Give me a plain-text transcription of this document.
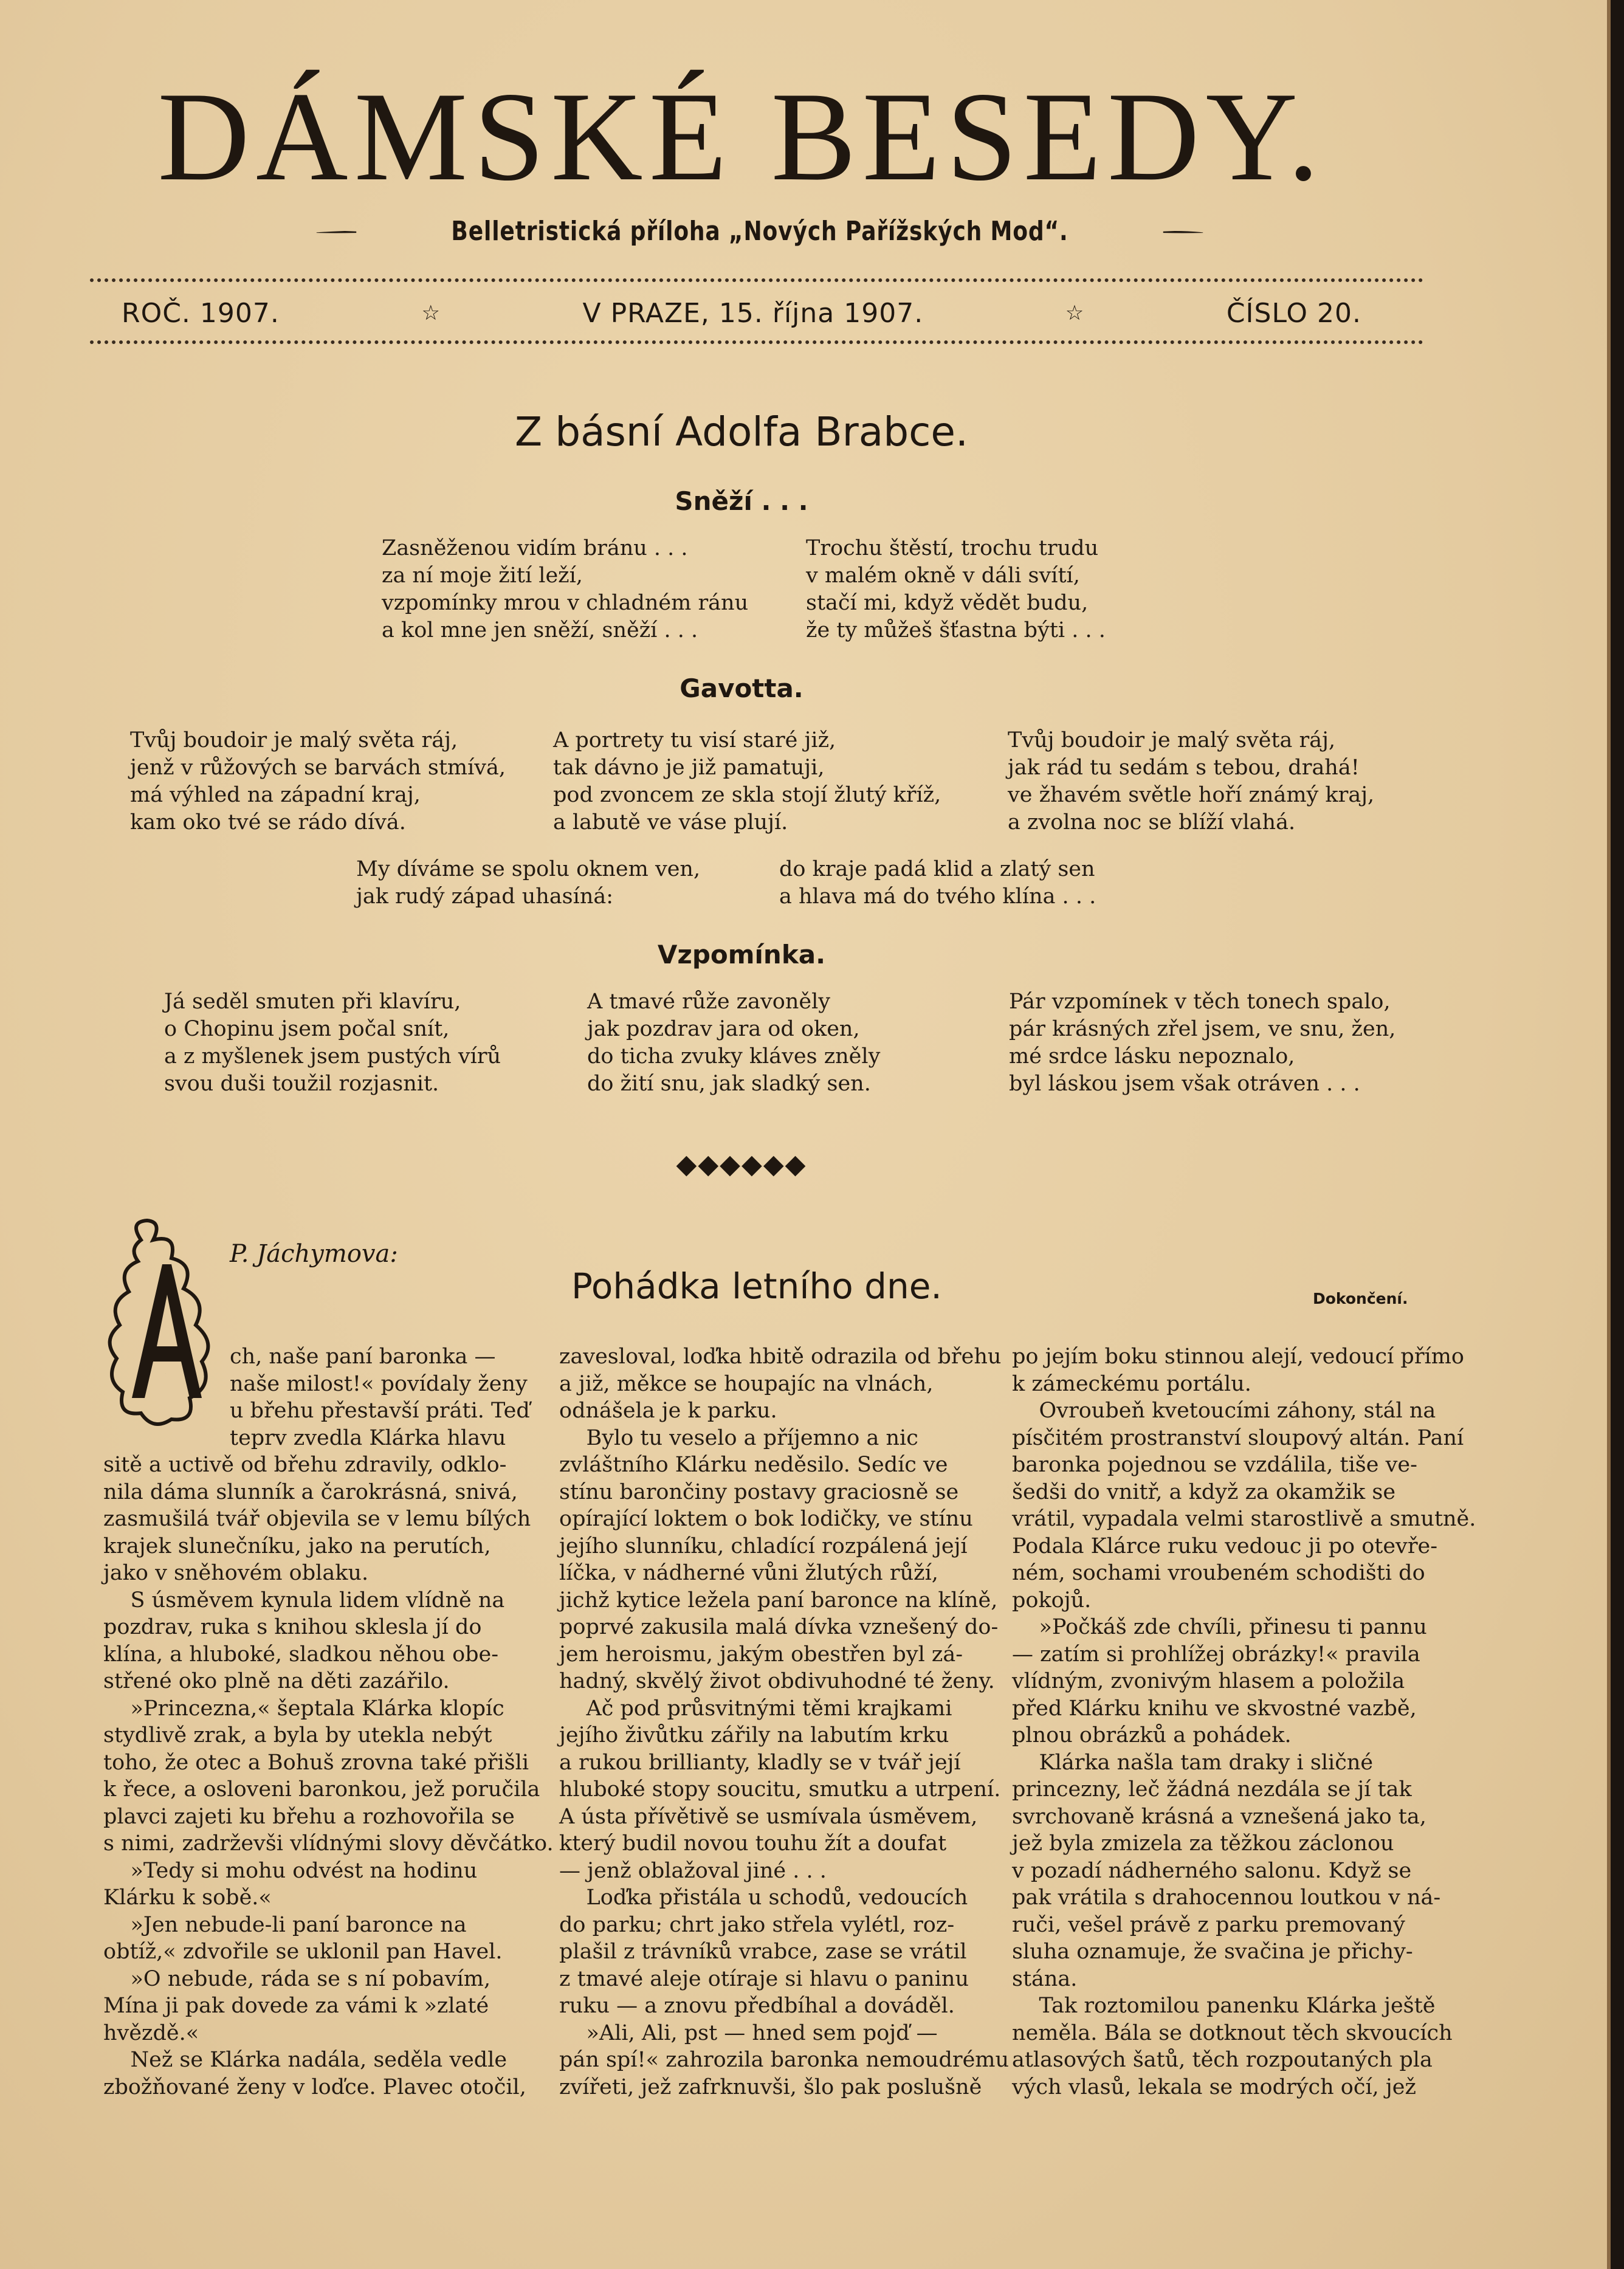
DÁMSKÉ BESEDY.
Belletristická příloha „Nových Pařížských Mod“.
ROČ. 1907.	☆	V PRAZE, 15. října 1907.	☆	ČÍSLO 20.
Z básní Adolfa Brabce.
Sněží . . .
Zasněženou vidím bránu . . .
za ní moje žití leží,
vzpomínky mrou v chladném ránu
a kol mne jen sněží, sněží . . .
Trochu štěstí, trochu trudu
v malém okně v dáli svítí,
stačí mi, když vědět budu,
že ty můžeš šťastna býti . . .
Gavotta.
Tvůj boudoir je malý světa ráj,
jenž v růžových se barvách stmívá,
má výhled na západní kraj,
kam oko tvé se rádo dívá.
A portrety tu visí staré již,
tak dávno je již pamatuji,
pod zvoncem ze skla stojí žlutý kříž,
a labutě ve váse plují.
Tvůj boudoir je malý světa ráj,
jak rád tu sedám s tebou, drahá!
ve žhavém světle hoří známý kraj,
a zvolna noc se blíží vlahá.
My díváme se spolu oknem ven,
jak rudý západ uhasíná:
do kraje padá klid a zlatý sen
a hlava má do tvého klína . . .
Vzpomínka.
Já seděl smuten při klavíru,
o Chopinu jsem počal snít,
a z myšlenek jsem pustých vírů
svou duši toužil rozjasnit.
A tmavé růže zavoněly
jak pozdrav jara od oken,
do ticha zvuky kláves zněly
do žití snu, jak sladký sen.
Pár vzpomínek v těch tonech spalo,
pár krásných zřel jsem, ve snu, žen,
mé srdce lásku nepoznalo,
byl láskou jsem však otráven . . .
◆◆◆◆◆◆
A
P. Jáchymova:
Pohádka letního dne.	Dokončení.
ch, naše paní baronka —
naše milost!« povídaly ženy
u břehu přestavší práti. Teď
teprv zvedla Klárka hlavu
sitě a uctivě od břehu zdravily, odklo-
nila dáma slunník a čarokrásná, snivá,
zasmušilá tvář objevila se v lemu bílých
krajek slunečníku, jako na perutích,
jako v sněhovém oblaku.
S úsměvem kynula lidem vlídně na
pozdrav, ruka s knihou sklesla jí do
klína, a hluboké, sladkou něhou obe-
střené oko plně na děti zazářilo.
»Princezna,« šeptala Klárka klopíc
stydlivě zrak, a byla by utekla nebýt
toho, že otec a Bohuš zrovna také přišli
k řece, a osloveni baronkou, jež poručila
plavci zajeti ku břehu a rozhovořila se
s nimi, zadrževši vlídnými slovy děvčátko.
»Tedy si mohu odvést na hodinu
Klárku k sobě.«
»Jen nebude-li paní baronce na
obtíž,« zdvořile se uklonil pan Havel.
»O nebude, ráda se s ní pobavím,
Mína ji pak dovede za vámi k »zlaté
hvězdě.«
Než se Klárka nadála, seděla vedle
zbožňované ženy v loďce. Plavec otočil,
zavesloval, loďka hbitě odrazila od břehu
a již, měkce se houpajíc na vlnách,
odnášela je k parku.
Bylo tu veselo a příjemno a nic
zvláštního Klárku neděsilo. Sedíc ve
stínu barončiny postavy graciosně se
opírající loktem o bok lodičky, ve stínu
jejího slunníku, chladící rozpálená její
líčka, v nádherné vůni žlutých růží,
jichž kytice ležela paní baronce na klíně,
poprvé zakusila malá dívka vznešený do-
jem heroismu, jakým obestřen byl zá-
hadný, skvělý život obdivuhodné té ženy.
Ač pod průsvitnými těmi krajkami
jejího živůtku zářily na labutím krku
a rukou brillianty, kladly se v tvář její
hluboké stopy soucitu, smutku a utrpení.
A ústa přívětivě se usmívala úsměvem,
který budil novou touhu žít a doufat
— jenž oblažoval jiné . . .
Loďka přistála u schodů, vedoucích
do parku; chrt jako střela vylétl, roz-
plašil z trávníků vrabce, zase se vrátil
z tmavé aleje otíraje si hlavu o paninu
ruku — a znovu předbíhal a dováděl.
»Ali, Ali, pst — hned sem pojď —
pán spí!« zahrozila baronka nemoudrému
zvířeti, jež zafrknuvši, šlo pak poslušně
po jejím boku stinnou alejí, vedoucí přímo
k zámeckému portálu.
Ovroubeň kvetoucími záhony, stál na
písčitém prostranství sloupový altán. Paní
baronka pojednou se vzdálila, tiše ve-
šedši do vnitř, a když za okamžik se
vrátil, vypadala velmi starostlivě a smutně.
Podala Klárce ruku vedouc ji po otevře-
ném, sochami vroubeném schodišti do
pokojů.
»Počkáš zde chvíli, přinesu ti pannu
— zatím si prohlížej obrázky!« pravila
vlídným, zvonivým hlasem a položila
před Klárku knihu ve skvostné vazbě,
plnou obrázků a pohádek.
Klárka našla tam draky i sličné
princezny, leč žádná nezdála se jí tak
svrchovaně krásná a vznešená jako ta,
jež byla zmizela za těžkou záclonou
v pozadí nádherného salonu. Když se
pak vrátila s drahocennou loutkou v ná-
ruči, vešel právě z parku premovaný
sluha oznamuje, že svačina je přichy-
stána.
Tak roztomilou panenku Klárka ještě
neměla. Bála se dotknout těch skvoucích
atlasových šatů, těch rozpoutaných pla
vých vlasů, lekala se modrých očí, jež
